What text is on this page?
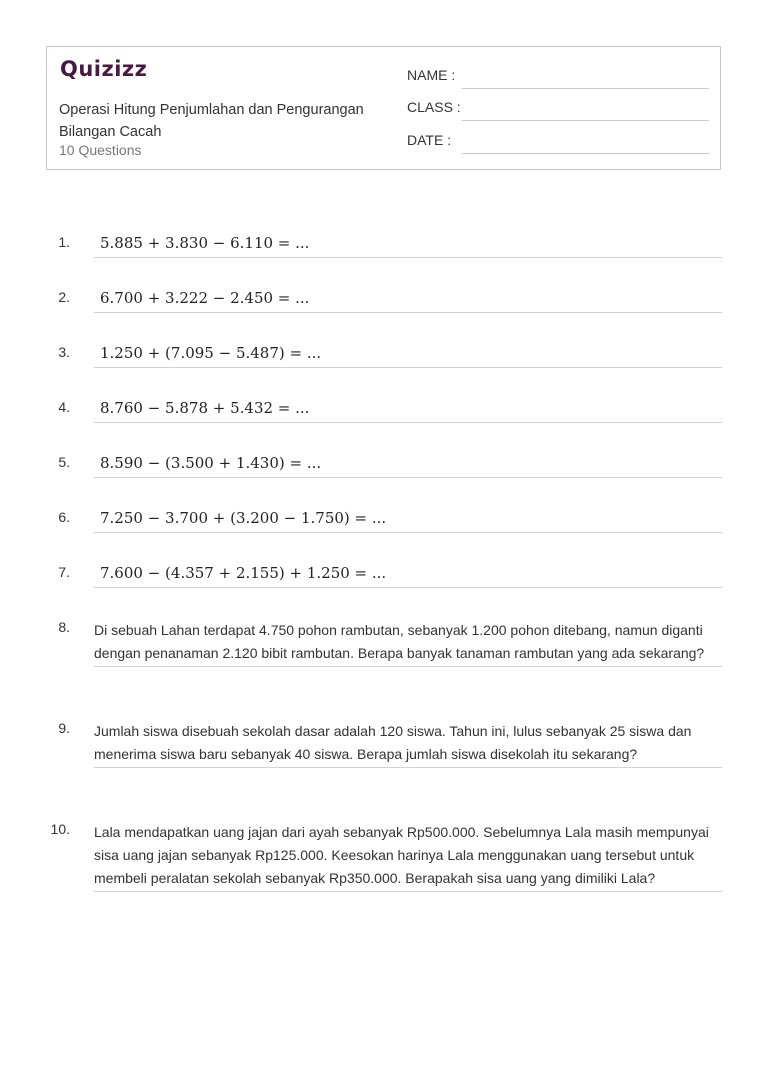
Quizizz
Operasi Hitung Penjumlahan dan Pengurangan Bilangan Cacah
10 Questions
NAME :
CLASS :
DATE :
1.	5.885 + 3.830 − 6.110 = ...
2.	6.700 + 3.222 − 2.450 = ...
3.	1.250 + (7.095 − 5.487) = ...
4.	8.760 − 5.878 + 5.432 = ...
5.	8.590 − (3.500 + 1.430) = ...
6.	7.250 − 3.700 + (3.200 − 1.750) = ...
7.	7.600 − (4.357 + 2.155) + 1.250 = ...
8. Di sebuah Lahan terdapat 4.750 pohon rambutan, sebanyak 1.200 pohon ditebang, namun diganti dengan penanaman 2.120 bibit rambutan. Berapa banyak tanaman rambutan yang ada sekarang?
9. Jumlah siswa disebuah sekolah dasar adalah 120 siswa. Tahun ini, lulus sebanyak 25 siswa dan menerima siswa baru sebanyak 40 siswa. Berapa jumlah siswa disekolah itu sekarang?
10. Lala mendapatkan uang jajan dari ayah sebanyak Rp500.000. Sebelumnya Lala masih mempunyai sisa uang jajan sebanyak Rp125.000. Keesokan harinya Lala menggunakan uang tersebut untuk membeli peralatan sekolah sebanyak Rp350.000. Berapakah sisa uang yang dimiliki Lala?
